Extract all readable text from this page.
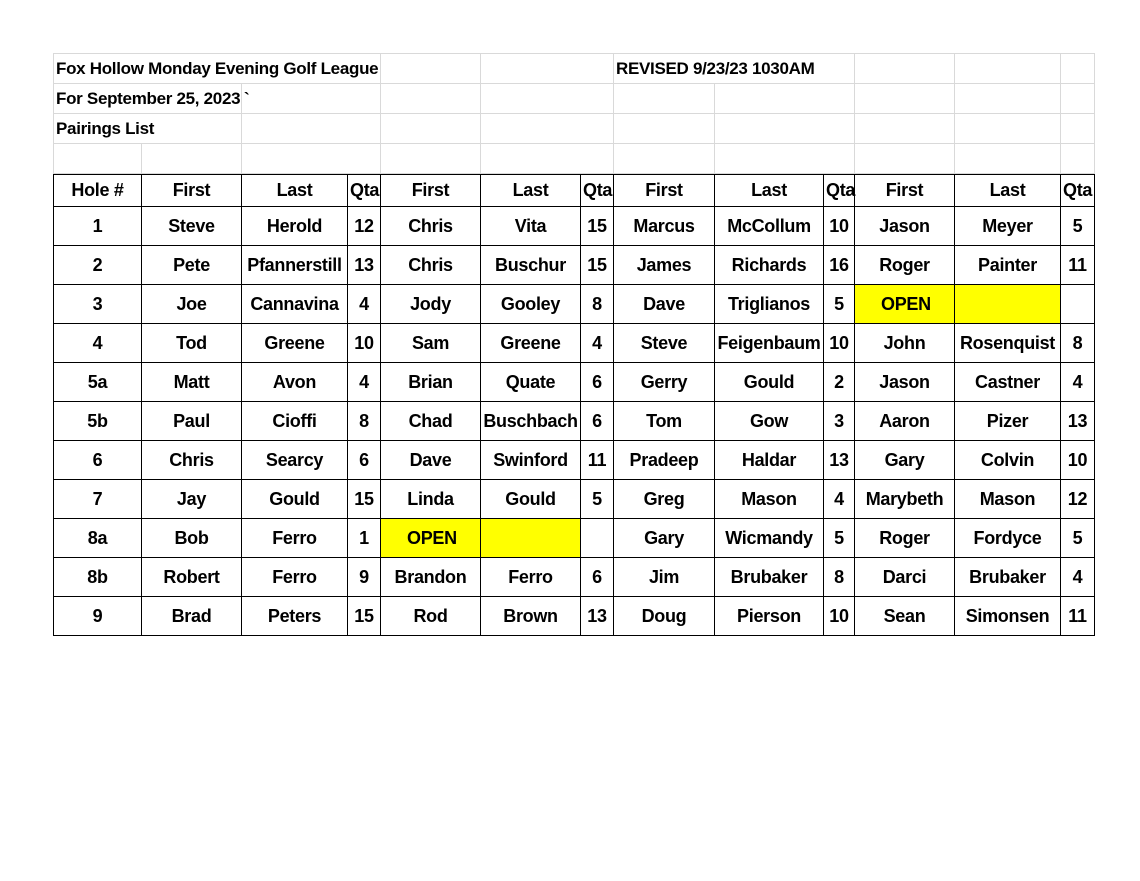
Fox Hollow Monday Evening Golf League					REVISED 9/23/23 1030AM				
For September 25, 2023		`							
Pairings List									

Hole #	First	Last	Qta	First	Last	Qta	First	Last	Qta	First	Last	Qta
1	Steve	Herold	12	Chris	Vita	15	Marcus	McCollum	10	Jason	Meyer	5
2	Pete	Pfannerstill	13	Chris	Buschur	15	James	Richards	16	Roger	Painter	11
3	Joe	Cannavina	4	Jody	Gooley	8	Dave	Triglianos	5	OPEN		
4	Tod	Greene	10	Sam	Greene	4	Steve	Feigenbaum	10	John	Rosenquist	8
5a	Matt	Avon	4	Brian	Quate	6	Gerry	Gould	2	Jason	Castner	4
5b	Paul	Cioffi	8	Chad	Buschbach	6	Tom	Gow	3	Aaron	Pizer	13
6	Chris	Searcy	6	Dave	Swinford	11	Pradeep	Haldar	13	Gary	Colvin	10
7	Jay	Gould	15	Linda	Gould	5	Greg	Mason	4	Marybeth	Mason	12
8a	Bob	Ferro	1	OPEN			Gary	Wicmandy	5	Roger	Fordyce	5
8b	Robert	Ferro	9	Brandon	Ferro	6	Jim	Brubaker	8	Darci	Brubaker	4
9	Brad	Peters	15	Rod	Brown	13	Doug	Pierson	10	Sean	Simonsen	11
